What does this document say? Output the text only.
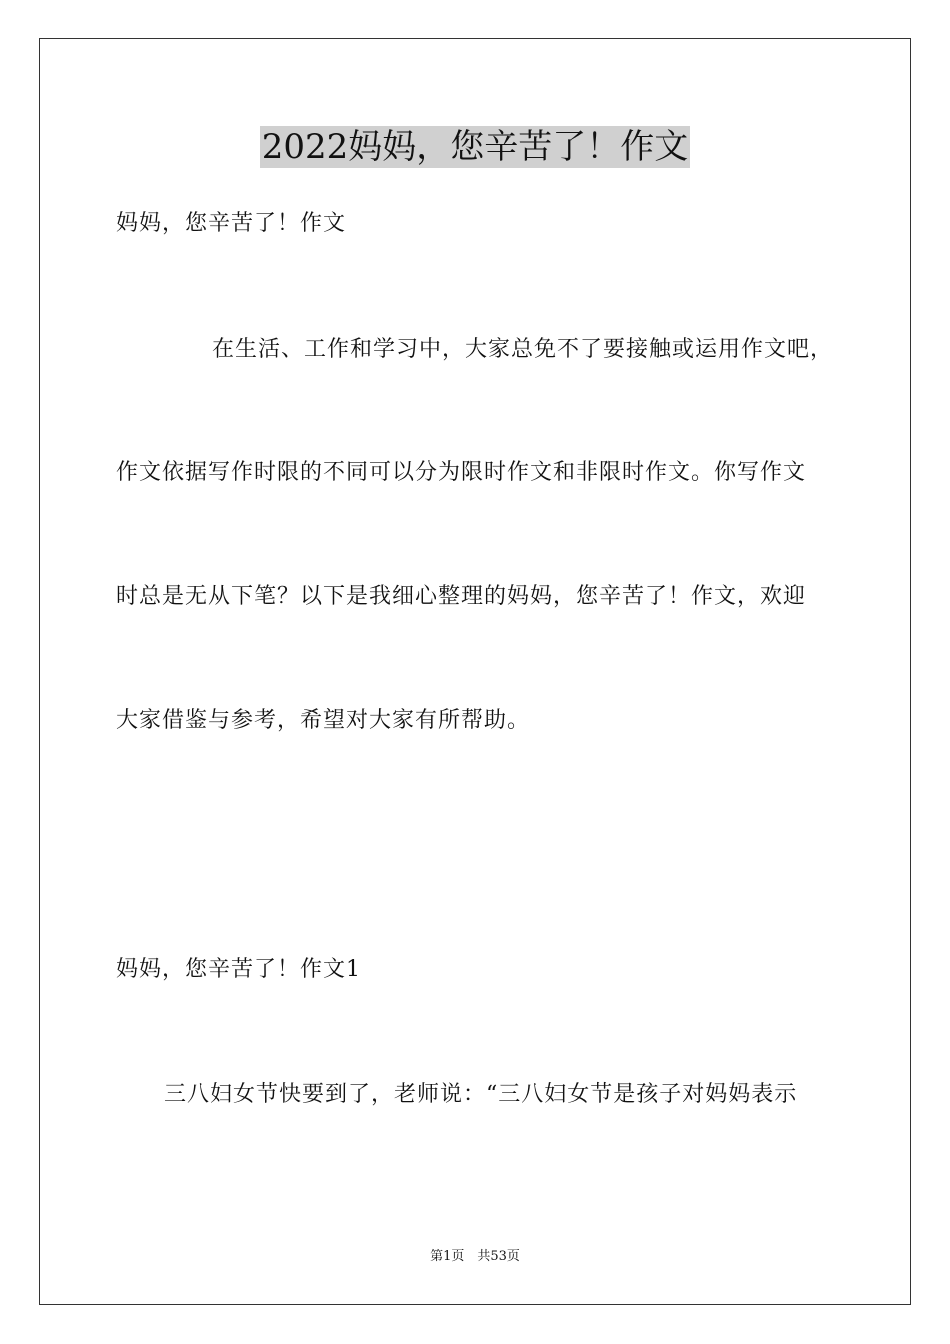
2022妈妈，您辛苦了！作文
妈妈，您辛苦了！作文
在生活、工作和学习中，大家总免不了要接触或运用作文吧，
作文依据写作时限的不同可以分为限时作文和非限时作文。你写作文
时总是无从下笔？以下是我细心整理的妈妈，您辛苦了！作文，欢迎
大家借鉴与参考，希望对大家有所帮助。
妈妈，您辛苦了！作文1
三八妇女节快要到了，老师说：“三八妇女节是孩子对妈妈表示
第1页　共53页
